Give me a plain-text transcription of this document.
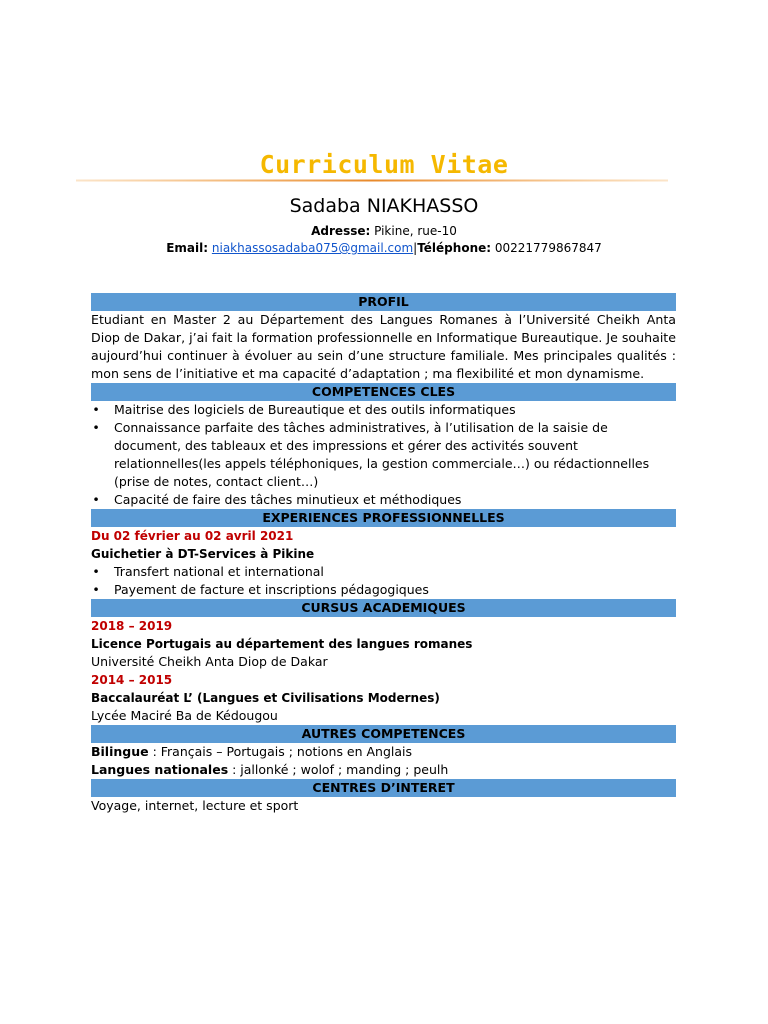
Curriculum Vitae
Sadaba NIAKHASSO
Adresse: Pikine, rue-10
Email: niakhassosadaba075@gmail.com|Téléphone: 00221779867847
PROFIL

Etudiant en Master 2 au Département des Langues Romanes à l’Université Cheikh Anta Diop de Dakar, j’ai fait la formation professionnelle en Informatique Bureautique. Je souhaite aujourd’hui continuer à évoluer au sein d’une structure familiale. Mes principales qualités : mon sens de l’initiative et ma capacité d’adaptation ; ma flexibilité et mon dynamisme.

COMPETENCES CLES
• Maitrise des logiciels de Bureautique et des outils informatiques
• Connaissance parfaite des tâches administratives, à l’utilisation de la saisie de document, des tableaux et des impressions et gérer des activités souvent relationnelles(les appels téléphoniques, la gestion commerciale…) ou rédactionnelles (prise de notes, contact client…)
• Capacité de faire des tâches minutieux et méthodiques
EXPERIENCES PROFESSIONNELLES
Du 02 février au 02 avril 2021
Guichetier à DT-Services à Pikine
• Transfert national et international
• Payement de facture et inscriptions pédagogiques
CURSUS ACADEMIQUES
2018 – 2019
Licence Portugais au département des langues romanes
Université Cheikh Anta Diop de Dakar
2014 – 2015
Baccalauréat L’ (Langues et Civilisations Modernes)
Lycée Maciré Ba de Kédougou
AUTRES COMPETENCES
Bilingue : Français – Portugais ; notions en Anglais
Langues nationales : jallonké ; wolof ; manding ; peulh
CENTRES D’INTERET
Voyage, internet, lecture et sport
